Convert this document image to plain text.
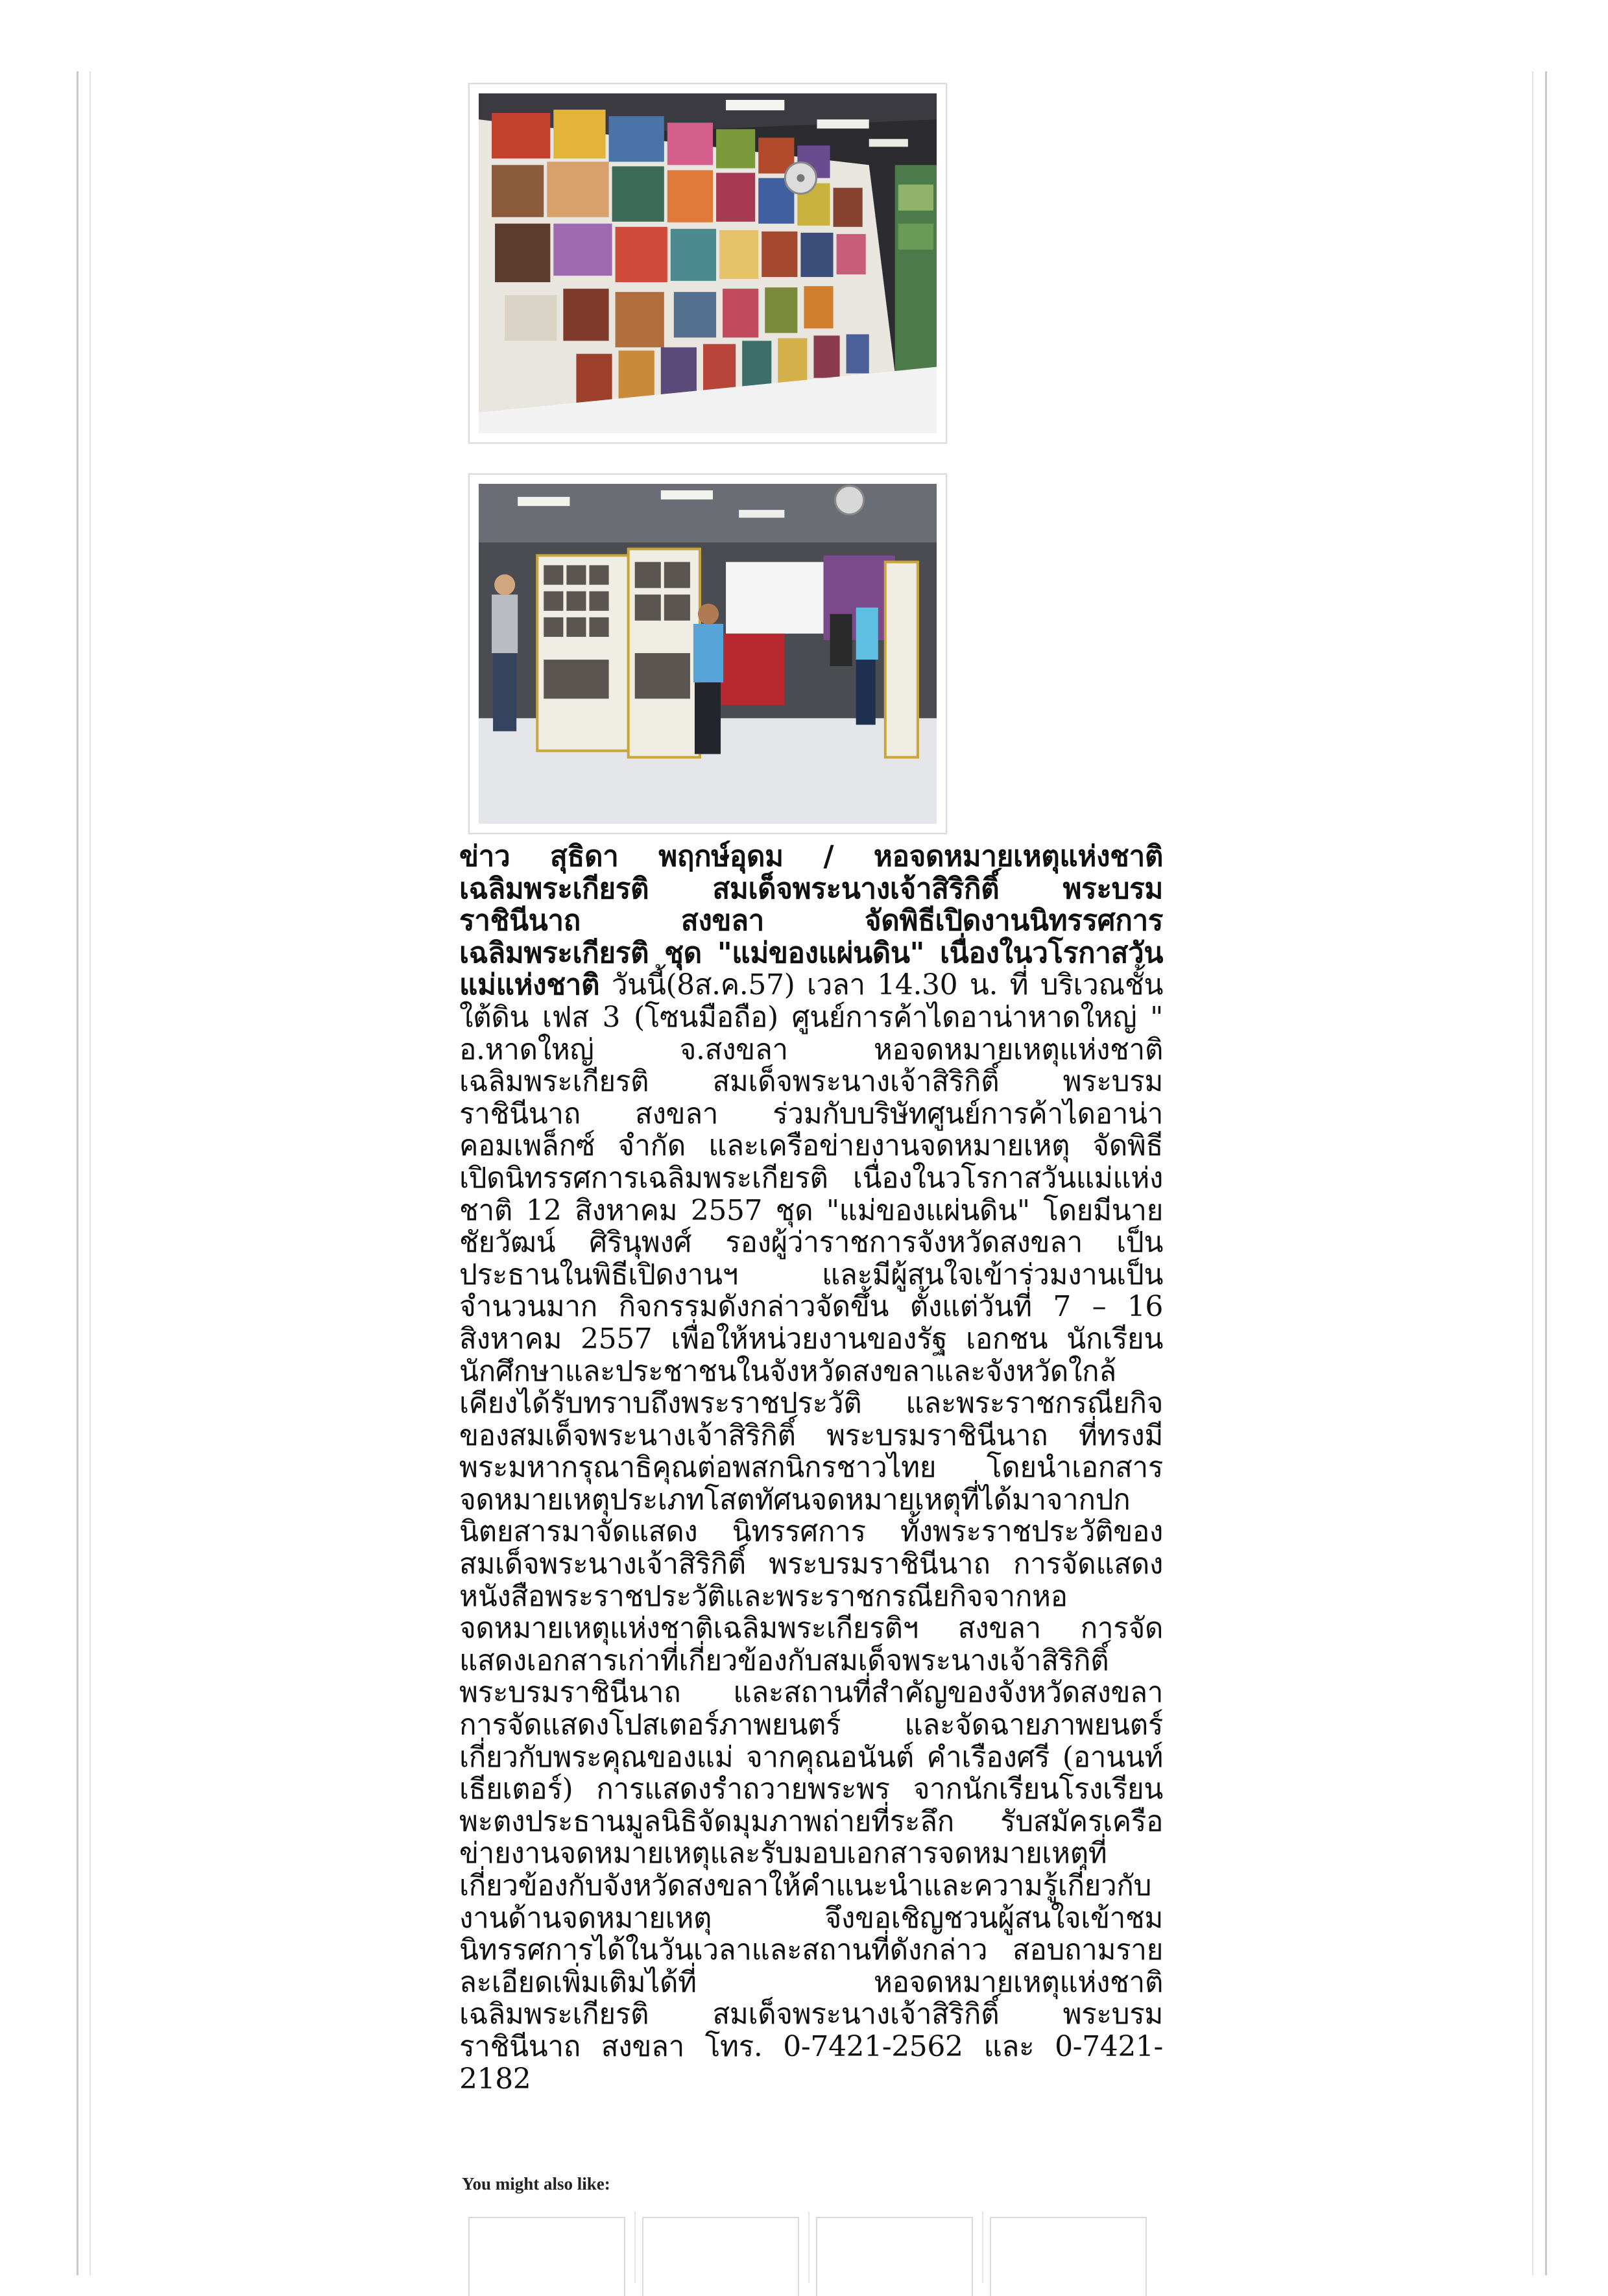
ข่าว สุธิดา พฤกษ์อุดม / หอจดหมายเหตุแห่งชาติเฉลิมพระเกียรติ สมเด็จพระนางเจ้าสิริกิติ์ พระบรมราชินีนาถ สงขลา จัดพิธีเปิดงานนิทรรศการเฉลิมพระเกียรติ ชุด "แม่ของแผ่นดิน" เนื่องในวโรกาสวันแม่แห่งชาติ วันนี้(8ส.ค.57) เวลา 14.30 น. ที่ บริเวณชั้นใต้ดิน เฟส 3 (โซนมือถือ) ศูนย์การค้าไดอาน่าหาดใหญ่ " อ.หาดใหญ่ จ.สงขลา หอจดหมายเหตุแห่งชาติเฉลิมพระเกียรติ สมเด็จพระนางเจ้าสิริกิติ์ พระบรมราชินีนาถ สงขลา ร่วมกับบริษัทศูนย์การค้าไดอาน่า คอมเพล็กซ์ จำกัด และเครือข่ายงานจดหมายเหตุ จัดพิธีเปิดนิทรรศการเฉลิมพระเกียรติ เนื่องในวโรกาสวันแม่แห่งชาติ 12 สิงหาคม 2557 ชุด "แม่ของแผ่นดิน" โดยมีนายชัยวัฒน์ ศิรินุพงศ์ รองผู้ว่าราชการจังหวัดสงขลา เป็นประธานในพิธีเปิดงานฯ และมีผู้สนใจเข้าร่วมงานเป็นจำนวนมาก กิจกรรมดังกล่าวจัดขึ้น ตั้งแต่วันที่ 7 – 16 สิงหาคม 2557 เพื่อให้หน่วยงานของรัฐ เอกชน นักเรียน นักศึกษาและประชาชนในจังหวัดสงขลาและจังหวัดใกล้เคียงได้รับทราบถึงพระราชประวัติ และพระราชกรณียกิจของสมเด็จพระนางเจ้าสิริกิติ์ พระบรมราชินีนาถ ที่ทรงมีพระมหากรุณาธิคุณต่อพสกนิกรชาวไทย โดยนำเอกสารจดหมายเหตุประเภทโสตทัศนจดหมายเหตุที่ได้มาจากปกนิตยสารมาจัดแสดง นิทรรศการ ทั้งพระราชประวัติของสมเด็จพระนางเจ้าสิริกิติ์ พระบรมราชินีนาถ การจัดแสดงหนังสือพระราชประวัติและพระราชกรณียกิจจากหอจดหมายเหตุแห่งชาติเฉลิมพระเกียรติฯ สงขลา การจัดแสดงเอกสารเก่าที่เกี่ยวข้องกับสมเด็จพระนางเจ้าสิริกิติ์ พระบรมราชินีนาถ และสถานที่สำคัญของจังหวัดสงขลา การจัดแสดงโปสเตอร์ภาพยนตร์ และจัดฉายภาพยนตร์เกี่ยวกับพระคุณของแม่ จากคุณอนันต์ คำเรืองศรี (อานนท์ เธียเตอร์) การแสดงรำถวายพระพร จากนักเรียนโรงเรียนพะตงประธานมูลนิธิจัดมุมภาพถ่ายที่ระลึก รับสมัครเครือข่ายงานจดหมายเหตุและรับมอบเอกสารจดหมายเหตุที่เกี่ยวข้องกับจังหวัดสงขลาให้คำแนะนำและความรู้เกี่ยวกับงานด้านจดหมายเหตุ จึงขอเชิญชวนผู้สนใจเข้าชมนิทรรศการได้ในวันเวลาและสถานที่ดังกล่าว สอบถามรายละเอียดเพิ่มเติมได้ที่ หอจดหมายเหตุแห่งชาติเฉลิมพระเกียรติ สมเด็จพระนางเจ้าสิริกิติ์ พระบรมราชินีนาถ สงขลา โทร. 0-7421-2562 และ 0-7421-2182
You might also like:
